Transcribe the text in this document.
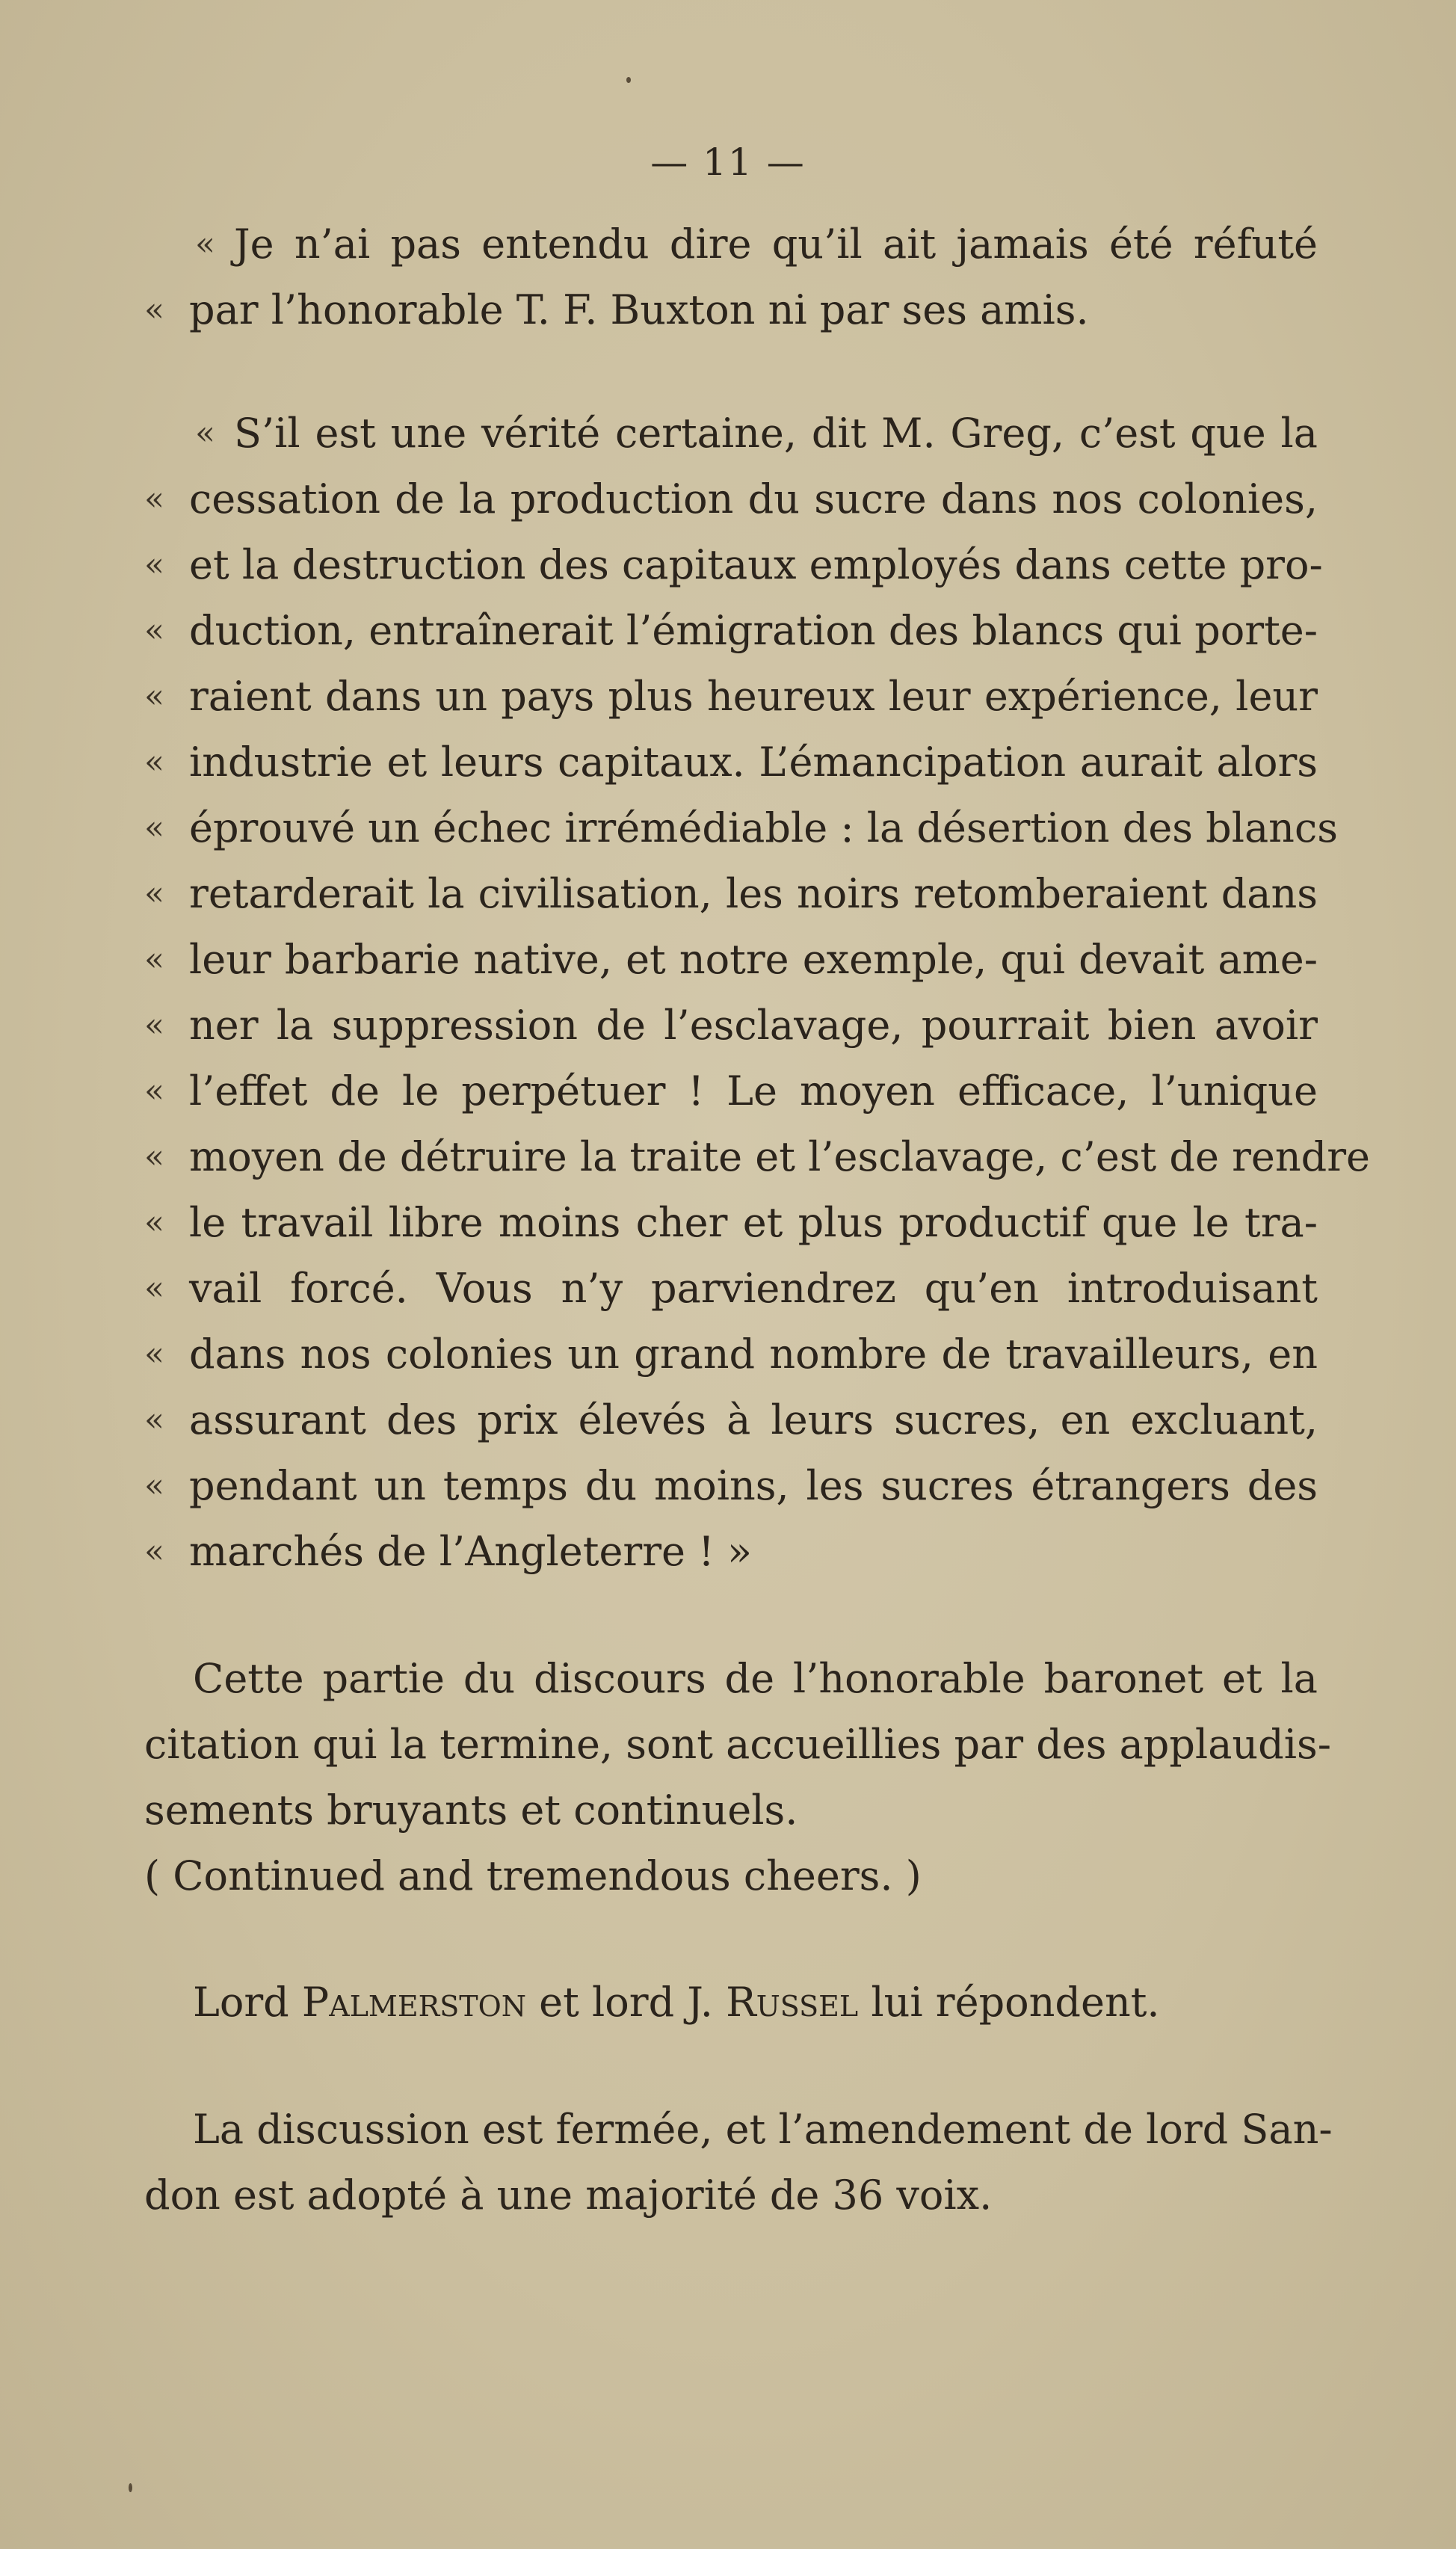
— 11 —
« Je n’ai pas entendu dire qu’il ait jamais été réfuté
« par l’honorable T. F. Buxton ni par ses amis.
« S’il est une vérité certaine, dit M. Greg, c’est que la
« cessation de la production du sucre dans nos colonies,
« et la destruction des capitaux employés dans cette pro-
« duction, entraînerait l’émigration des blancs qui porte-
« raient dans un pays plus heureux leur expérience, leur
« industrie et leurs capitaux. L’émancipation aurait alors
« éprouvé un échec irrémédiable : la désertion des blancs
« retarderait la civilisation, les noirs retomberaient dans
« leur barbarie native, et notre exemple, qui devait ame-
« ner la suppression de l’esclavage, pourrait bien avoir
« l’effet de le perpétuer ! Le moyen efficace, l’unique
« moyen de détruire la traite et l’esclavage, c’est de rendre
« le travail libre moins cher et plus productif que le tra-
« vail forcé. Vous n’y parviendrez qu’en introduisant
« dans nos colonies un grand nombre de travailleurs, en
« assurant des prix élevés à leurs sucres, en excluant,
« pendant un temps du moins, les sucres étrangers des
« marchés de l’Angleterre ! »
Cette partie du discours de l’honorable baronet et la
citation qui la termine, sont accueillies par des applaudis-
sements bruyants et continuels.
( Continued and tremendous cheers. )
Lord Palmerston et lord J. Russel lui répondent.
La discussion est fermée, et l’amendement de lord San-
don est adopté à une majorité de 36 voix.
